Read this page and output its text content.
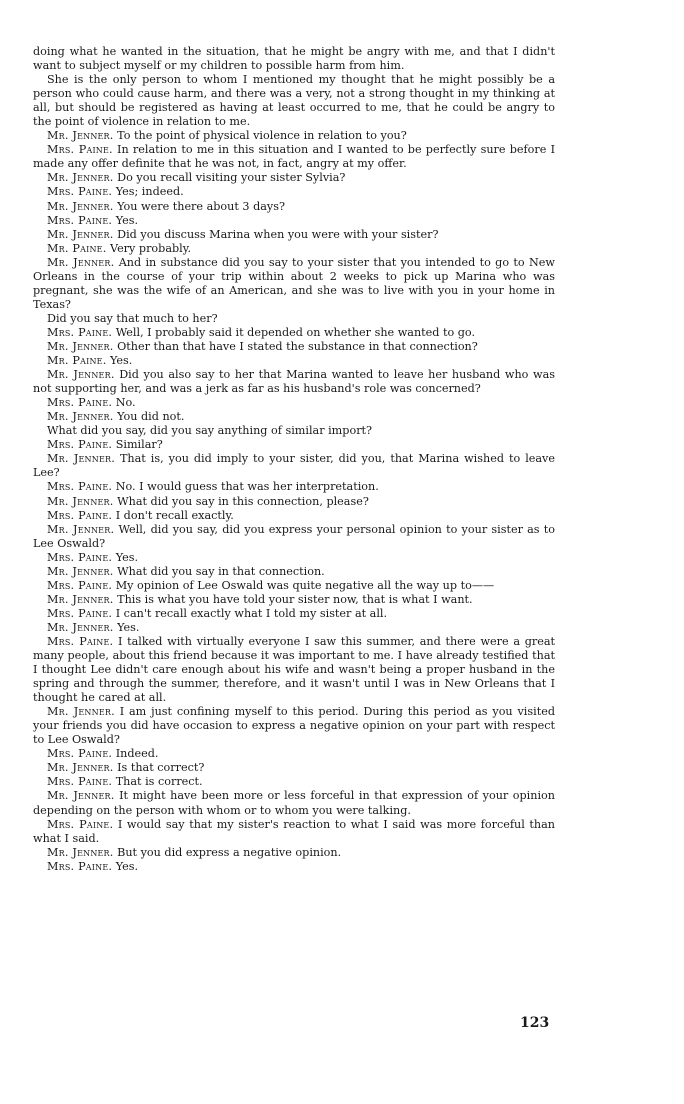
doing what he wanted in the situation, that he might be angry with me, and that I didn't want to subject myself or my children to possible harm from him.

She is the only person to whom I mentioned my thought that he might possibly be a person who could cause harm, and there was a very, not a strong thought in my thinking at all, but should be registered as having at least occurred to me, that he could be angry to the point of violence in relation to me.

Mr. Jenner. To the point of physical violence in relation to you?

Mrs. Paine. In relation to me in this situation and I wanted to be perfectly sure before I made any offer definite that he was not, in fact, angry at my offer.

Mr. Jenner. Do you recall visiting your sister Sylvia?

Mrs. Paine. Yes; indeed.

Mr. Jenner. You were there about 3 days?

Mrs. Paine. Yes.

Mr. Jenner. Did you discuss Marina when you were with your sister?

Mr. Paine. Very probably.

Mr. Jenner. And in substance did you say to your sister that you intended to go to New Orleans in the course of your trip within about 2 weeks to pick up Marina who was pregnant, she was the wife of an American, and she was to live with you in your home in Texas?

Did you say that much to her?

Mrs. Paine. Well, I probably said it depended on whether she wanted to go.

Mr. Jenner. Other than that have I stated the substance in that connection?

Mr. Paine. Yes.

Mr. Jenner. Did you also say to her that Marina wanted to leave her husband who was not supporting her, and was a jerk as far as his husband's role was concerned?

Mrs. Paine. No.

Mr. Jenner. You did not.

What did you say, did you say anything of similar import?

Mrs. Paine. Similar?

Mr. Jenner. That is, you did imply to your sister, did you, that Marina wished to leave Lee?

Mrs. Paine. No. I would guess that was her interpretation.

Mr. Jenner. What did you say in this connection, please?

Mrs. Paine. I don't recall exactly.

Mr. Jenner. Well, did you say, did you express your personal opinion to your sister as to Lee Oswald?

Mrs. Paine. Yes.

Mr. Jenner. What did you say in that connection.

Mrs. Paine. My opinion of Lee Oswald was quite negative all the way up to——

Mr. Jenner. This is what you have told your sister now, that is what I want.

Mrs. Paine. I can't recall exactly what I told my sister at all.

Mr. Jenner. Yes.

Mrs. Paine. I talked with virtually everyone I saw this summer, and there were a great many people, about this friend because it was important to me. I have already testified that I thought Lee didn't care enough about his wife and wasn't being a proper husband in the spring and through the summer, therefore, and it wasn't until I was in New Orleans that I thought he cared at all.

Mr. Jenner. I am just confining myself to this period. During this period as you visited your friends you did have occasion to express a negative opinion on your part with respect to Lee Oswald?

Mrs. Paine. Indeed.

Mr. Jenner. Is that correct?

Mrs. Paine. That is correct.

Mr. Jenner. It might have been more or less forceful in that expression of your opinion depending on the person with whom or to whom you were talking.

Mrs. Paine. I would say that my sister's reaction to what I said was more forceful than what I said.

Mr. Jenner. But you did express a negative opinion.

Mrs. Paine. Yes.

123
